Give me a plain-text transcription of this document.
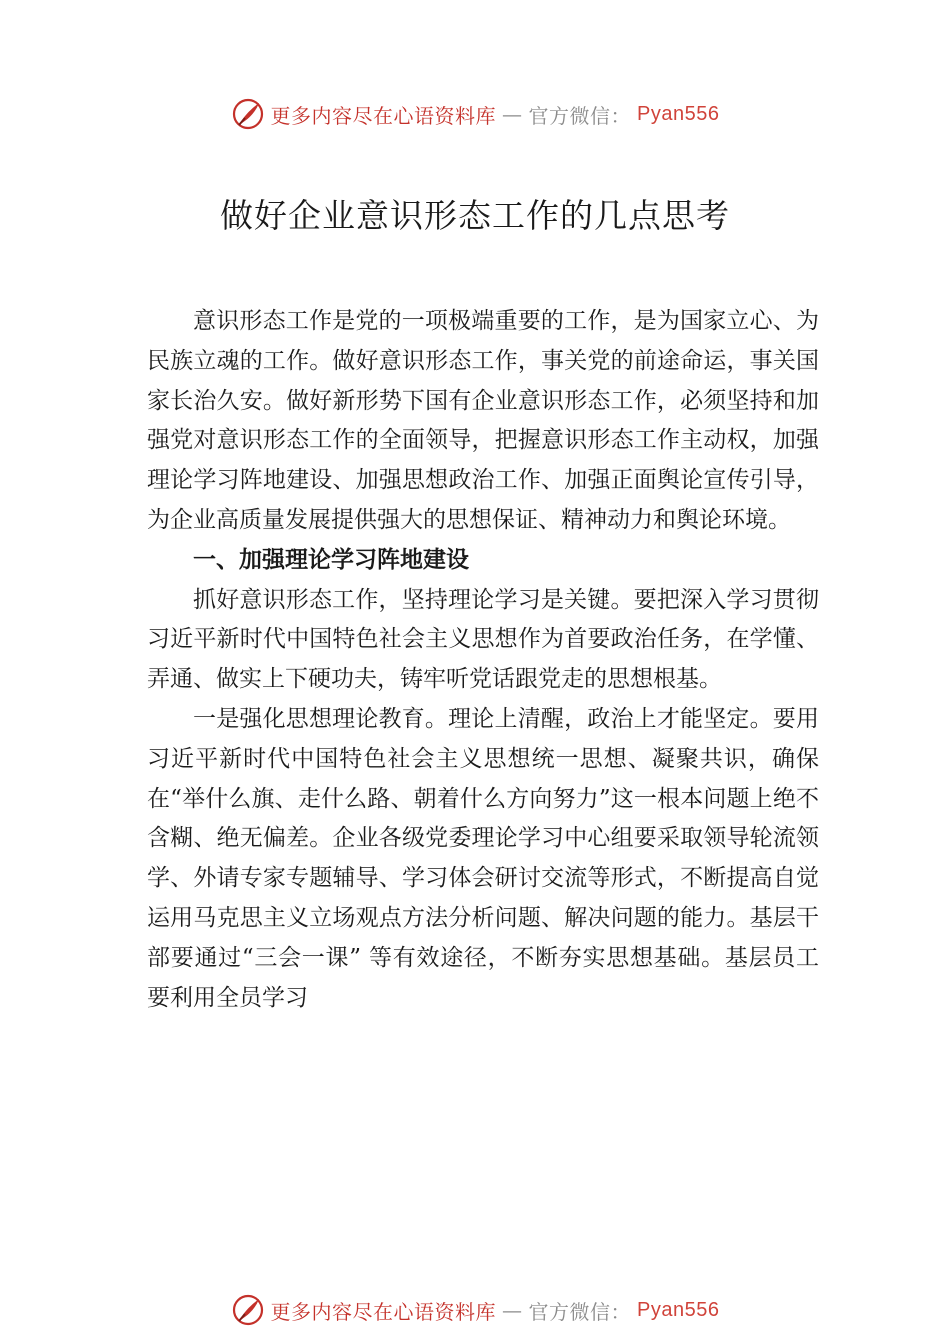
更多内容尽在心语资料库 — 官方微信： Pyan556
做好企业意识形态工作的几点思考

意识形态工作是党的一项极端重要的工作，是为国家立心、为民族立魂的工作。做好意识形态工作，事关党的前途命运，事关国家长治久安。做好新形势下国有企业意识形态工作，必须坚持和加强党对意识形态工作的全面领导，把握意识形态工作主动权，加强理论学习阵地建设、加强思想政治工作、加强正面舆论宣传引导，为企业高质量发展提供强大的思想保证、精神动力和舆论环境。

一、加强理论学习阵地建设

抓好意识形态工作，坚持理论学习是关键。要把深入学习贯彻习近平新时代中国特色社会主义思想作为首要政治任务，在学懂、弄通、做实上下硬功夫，铸牢听党话跟党走的思想根基。

一是强化思想理论教育。理论上清醒，政治上才能坚定。要用习近平新时代中国特色社会主义思想统一思想、凝聚共识，确保在“举什么旗、走什么路、朝着什么方向努力”这一根本问题上绝不含糊、绝无偏差。企业各级党委理论学习中心组要采取领导轮流领学、外请专家专题辅导、学习体会研讨交流等形式，不断提高自觉运用马克思主义立场观点方法分析问题、解决问题的能力。基层干部要通过“三会一课” 等有效途径，不断夯实思想基础。基层员工要利用全员学习

更多内容尽在心语资料库 — 官方微信： Pyan556
